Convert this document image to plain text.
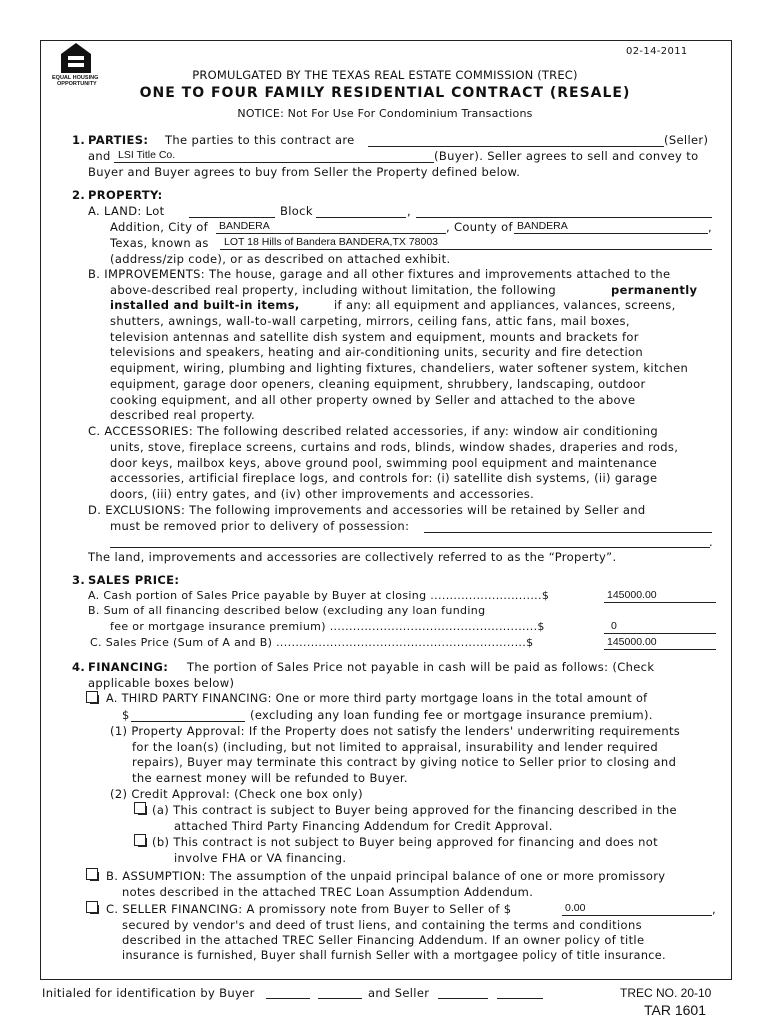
EQUAL HOUSING
OPPORTUNITY
02-14-2011
PROMULGATED BY THE TEXAS REAL ESTATE COMMISSION (TREC)
ONE TO FOUR FAMILY RESIDENTIAL CONTRACT (RESALE)
NOTICE: Not For Use For Condominium Transactions
1. PARTIES: The parties to this contract are	(Seller)
and LSI Title Co.	(Buyer). Seller agrees to sell and convey to
Buyer and Buyer agrees to buy from Seller the Property defined below.
2. PROPERTY:
A. LAND: Lot	Block	,
Addition, City of BANDERA	, County of BANDERA	,
Texas, known as LOT 18 Hills of Bandera BANDERA,TX 78003
(address/zip code), or as described on attached exhibit.
B. IMPROVEMENTS: The house, garage and all other fixtures and improvements attached to the
above-described real property, including without limitation, the following	permanently
installed and built-in items,	if any: all equipment and appliances, valances, screens,
shutters, awnings, wall-to-wall carpeting, mirrors, ceiling fans, attic fans, mail boxes,
television antennas and satellite dish system and equipment, mounts and brackets for
televisions and speakers, heating and air-conditioning units, security and fire detection
equipment, wiring, plumbing and lighting fixtures, chandeliers, water softener system, kitchen
equipment, garage door openers, cleaning equipment, shrubbery, landscaping, outdoor
cooking equipment, and all other property owned by Seller and attached to the above
described real property.
C. ACCESSORIES: The following described related accessories, if any: window air conditioning
units, stove, fireplace screens, curtains and rods, blinds, window shades, draperies and rods,
door keys, mailbox keys, above ground pool, swimming pool equipment and maintenance
accessories, artificial fireplace logs, and controls for: (i) satellite dish systems, (ii) garage
doors, (iii) entry gates, and (iv) other improvements and accessories.
D. EXCLUSIONS: The following improvements and accessories will be retained by Seller and
must be removed prior to delivery of possession:
.
The land, improvements and accessories are collectively referred to as the “Property”.
3. SALES PRICE:
A. Cash portion of Sales Price payable by Buyer at closing .............................$	145000.00
B. Sum of all financing described below (excluding any loan funding
fee or mortgage insurance premium) ......................................................$	0
C. Sales Price (Sum of A and B) .................................................................$	145000.00
4. FINANCING: The portion of Sales Price not payable in cash will be paid as follows: (Check
applicable boxes below)
A. THIRD PARTY FINANCING: One or more third party mortgage loans in the total amount of
$	(excluding any loan funding fee or mortgage insurance premium).
(1) Property Approval: If the Property does not satisfy the lenders' underwriting requirements
for the loan(s) (including, but not limited to appraisal, insurability and lender required
repairs), Buyer may terminate this contract by giving notice to Seller prior to closing and
the earnest money will be refunded to Buyer.
(2) Credit Approval: (Check one box only)
(a) This contract is subject to Buyer being approved for the financing described in the
attached Third Party Financing Addendum for Credit Approval.
(b) This contract is not subject to Buyer being approved for financing and does not
involve FHA or VA financing.
B. ASSUMPTION: The assumption of the unpaid principal balance of one or more promissory
notes described in the attached TREC Loan Assumption Addendum.
C. SELLER FINANCING: A promissory note from Buyer to Seller of $	0.00	,
secured by vendor's and deed of trust liens, and containing the terms and conditions
described in the attached TREC Seller Financing Addendum. If an owner policy of title
insurance is furnished, Buyer shall furnish Seller with a mortgagee policy of title insurance.
Initialed for identification by Buyer	and Seller	TREC NO. 20-10
TAR 1601
